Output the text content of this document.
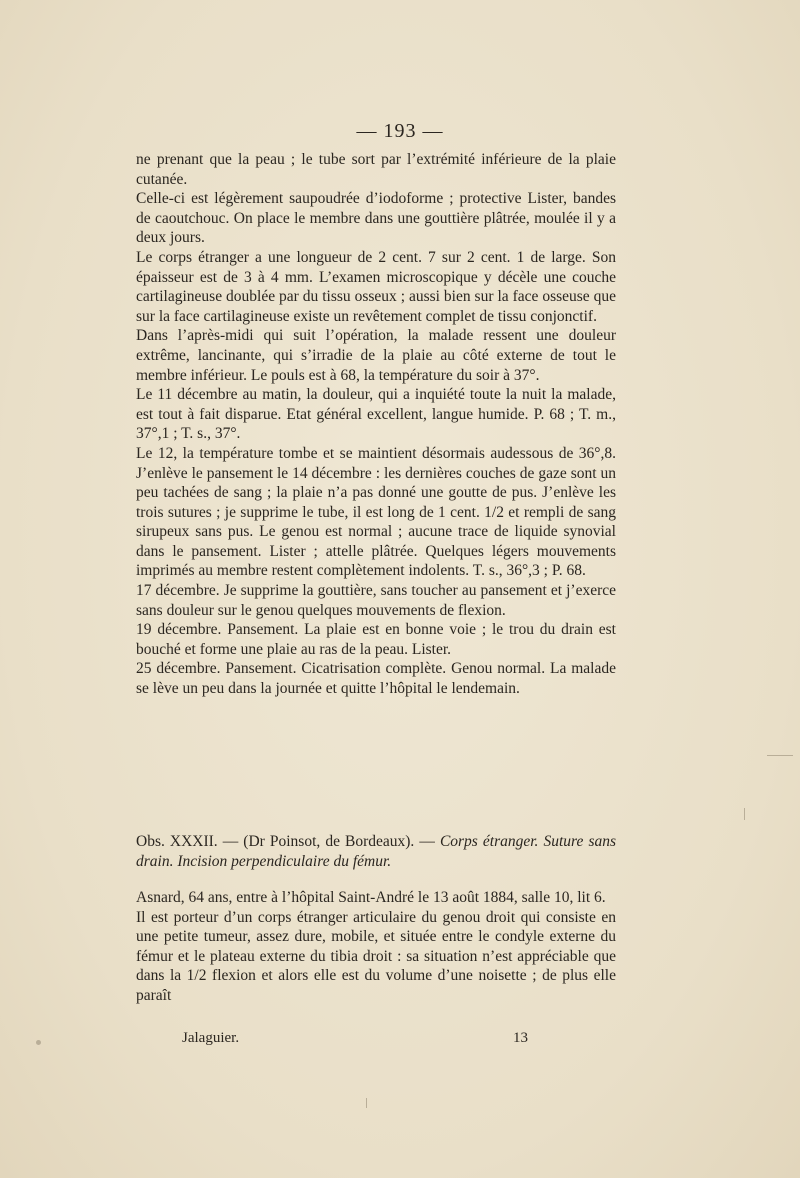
— 193 —

ne prenant que la peau ; le tube sort par l’extrémité inférieure de la plaie cutanée.

Celle-ci est légèrement saupoudrée d’iodoforme ; protective Lister, bandes de caoutchouc. On place le membre dans une gouttière plâtrée, moulée il y a deux jours.

Le corps étranger a une longueur de 2 cent. 7 sur 2 cent. 1 de large. Son épaisseur est de 3 à 4 mm. L’examen microscopique y décèle une couche cartilagineuse doublée par du tissu osseux ; aussi bien sur la face osseuse que sur la face cartilagineuse existe un revêtement complet de tissu conjonctif.

Dans l’après-midi qui suit l’opération, la malade ressent une douleur extrême, lancinante, qui s’irradie de la plaie au côté externe de tout le membre inférieur. Le pouls est à 68, la température du soir à 37°.

Le 11 décembre au matin, la douleur, qui a inquiété toute la nuit la malade, est tout à fait disparue. Etat général excellent, langue humide. P. 68 ; T. m., 37°,1 ; T. s., 37°.

Le 12, la température tombe et se maintient désormais audessous de 36°,8. J’enlève le pansement le 14 décembre : les dernières couches de gaze sont un peu tachées de sang ; la plaie n’a pas donné une goutte de pus. J’enlève les trois sutures ; je supprime le tube, il est long de 1 cent. 1/2 et rempli de sang sirupeux sans pus. Le genou est normal ; aucune trace de liquide synovial dans le pansement. Lister ; attelle plâtrée. Quelques légers mouvements imprimés au membre restent complètement indolents. T. s., 36°,3 ; P. 68.

17 décembre. Je supprime la gouttière, sans toucher au pansement et j’exerce sans douleur sur le genou quelques mouvements de flexion.

19 décembre. Pansement. La plaie est en bonne voie ; le trou du drain est bouché et forme une plaie au ras de la peau. Lister.

25 décembre. Pansement. Cicatrisation complète. Genou normal. La malade se lève un peu dans la journée et quitte l’hôpital le lendemain.

Obs. XXXII. — (Dr Poinsot, de Bordeaux). — Corps étranger. Suture sans drain. Incision perpendiculaire du fémur.

Asnard, 64 ans, entre à l’hôpital Saint-André le 13 août 1884, salle 10, lit 6.

Il est porteur d’un corps étranger articulaire du genou droit qui consiste en une petite tumeur, assez dure, mobile, et située entre le condyle externe du fémur et le plateau externe du tibia droit : sa situation n’est appréciable que dans la 1/2 flexion et alors elle est du volume d’une noisette ; de plus elle paraît

Jalaguier.	13
